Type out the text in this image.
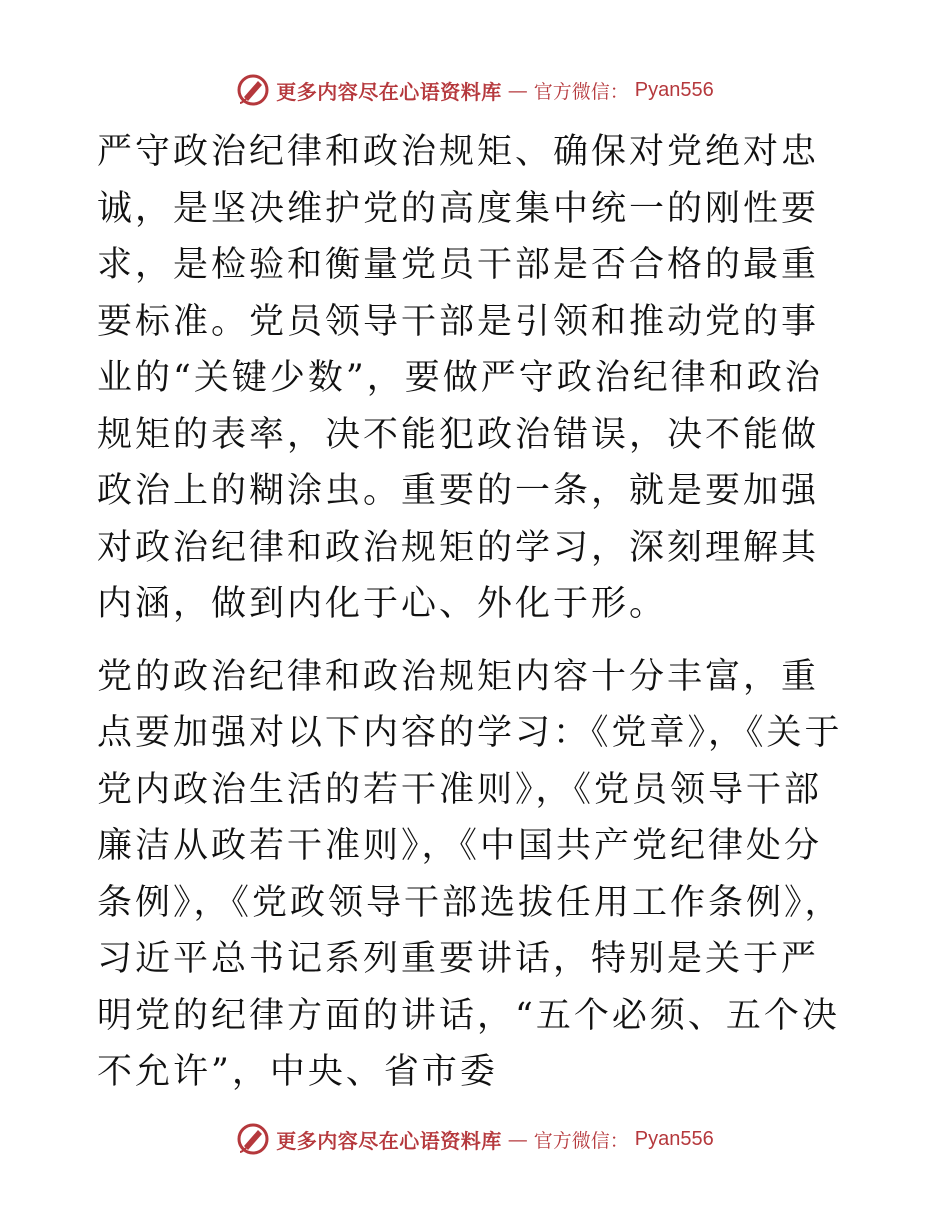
更多内容尽在心语资料库 — 官方微信： Pyan556

严守政治纪律和政治规矩、确保对党绝对忠诚，是坚决维护党的高度集中统一的刚性要求，是检验和衡量党员干部是否合格的最重要标准。党员领导干部是引领和推动党的事业的“关键少数”，要做严守政治纪律和政治规矩的表率，决不能犯政治错误，决不能做政治上的糊涂虫。重要的一条，就是要加强对政治纪律和政治规矩的学习，深刻理解其内涵，做到内化于心、外化于形。

党的政治纪律和政治规矩内容十分丰富，重点要加强对以下内容的学习：《党章》，《关于党内政治生活的若干准则》，《党员领导干部廉洁从政若干准则》，《中国共产党纪律处分条例》，《党政领导干部选拔任用工作条例》，习近平总书记系列重要讲话，特别是关于严明党的纪律方面的讲话，“五个必须、五个决不允许”，中央、省市委

更多内容尽在心语资料库 — 官方微信： Pyan556
